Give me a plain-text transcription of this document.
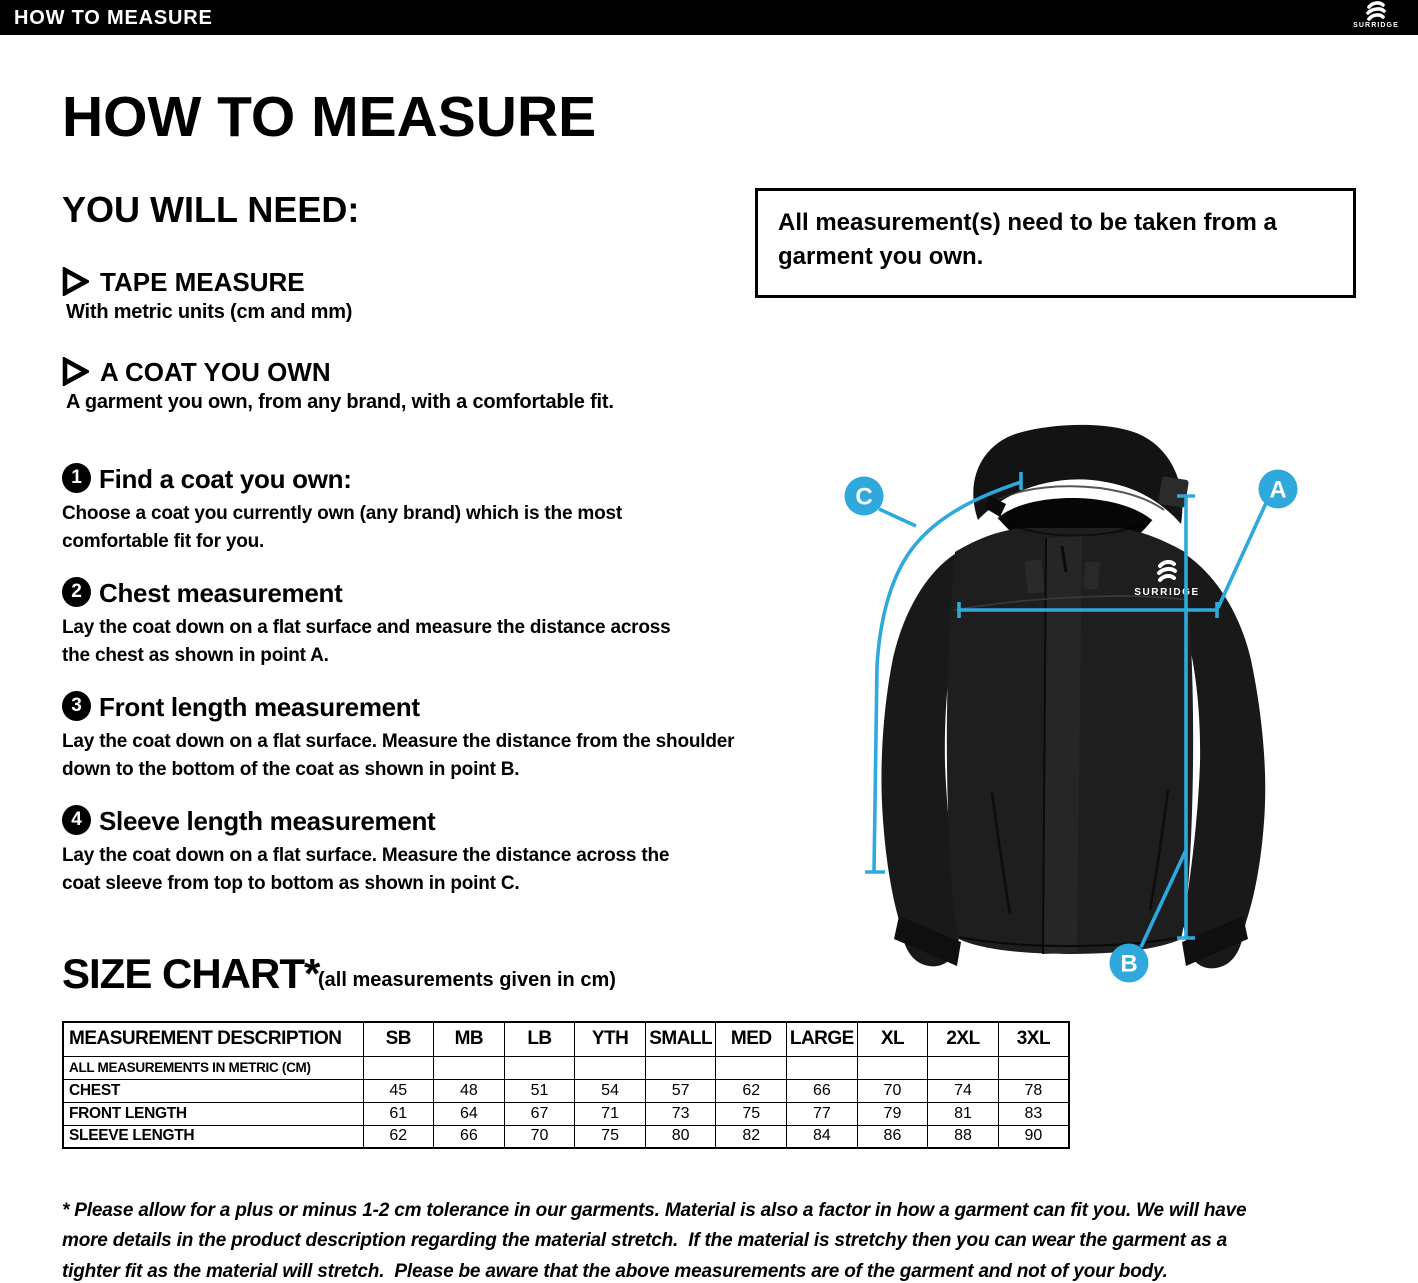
HOW TO MEASURE	SURRIDGE
HOW TO MEASURE
YOU WILL NEED:	All measurement(s) need to be taken from a
garment you own.
TAPE MEASURE
With metric units (cm and mm)
A COAT YOU OWN
A garment you own, from any brand, with a comfortable fit.
1 Find a coat you own:
Choose a coat you currently own (any brand) which is the most
comfortable fit for you.
2 Chest measurement
Lay the coat down on a flat surface and measure the distance across
the chest as shown in point A.
3 Front length measurement
Lay the coat down on a flat surface. Measure the distance from the shoulder
down to the bottom of the coat as shown in point B.
4 Sleeve length measurement
Lay the coat down on a flat surface. Measure the distance across the
coat sleeve from top to bottom as shown in point C.
SURRIDGE
A
B
C
SIZE CHART*
(all measurements given in cm)
MEASUREMENT DESCRIPTION	SB	MB	LB	YTH	SMALL	MED	LARGE	XL	2XL	3XL
ALL MEASUREMENTS IN METRIC (CM)										
CHEST	45	48	51	54	57	62	66	70	74	78
FRONT LENGTH	61	64	67	71	73	75	77	79	81	83
SLEEVE LENGTH	62	66	70	75	80	82	84	86	88	90
* Please allow for a plus or minus 1-2 cm tolerance in our garments. Material is also a factor in how a garment can fit you. We will have
more details in the product description regarding the material stretch.  If the material is stretchy then you can wear the garment as a
tighter fit as the material will stretch.  Please be aware that the above measurements are of the garment and not of your body.
